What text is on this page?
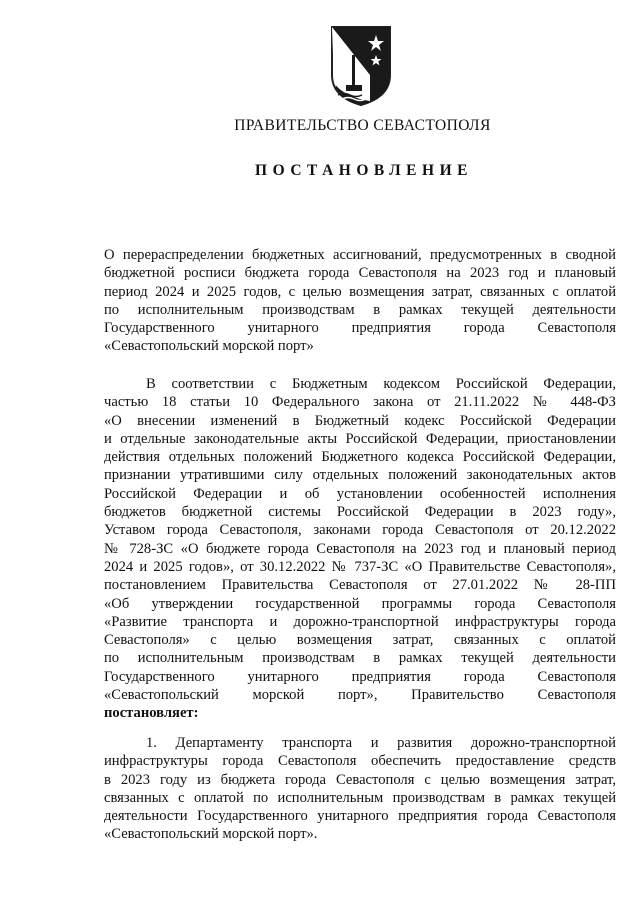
ПРАВИТЕЛЬСТВО СЕВАСТОПОЛЯ
ПОСТАНОВЛЕНИЕ
О перераспределении бюджетных ассигнований, предусмотренных в сводной
бюджетной росписи бюджета города Севастополя на 2023 год и плановый
период 2024 и 2025 годов, с целью возмещения затрат, связанных с оплатой
по исполнительным производствам в рамках текущей деятельности
Государственного унитарного предприятия города Севастополя
«Севастопольский морской порт»
В соответствии с Бюджетным кодексом Российской Федерации,
частью 18 статьи 10 Федерального закона от 21.11.2022 № 448-ФЗ
«О внесении изменений в Бюджетный кодекс Российской Федерации
и отдельные законодательные акты Российской Федерации, приостановлении
действия отдельных положений Бюджетного кодекса Российской Федерации,
признании утратившими силу отдельных положений законодательных актов
Российской Федерации и об установлении особенностей исполнения
бюджетов бюджетной системы Российской Федерации в 2023 году»,
Уставом города Севастополя, законами города Севастополя от 20.12.2022
№ 728-ЗС «О бюджете города Севастополя на 2023 год и плановый период
2024 и 2025 годов», от 30.12.2022 № 737-ЗС «О Правительстве Севастополя»,
постановлением Правительства Севастополя от 27.01.2022 № 28-ПП
«Об утверждении государственной программы города Севастополя
«Развитие транспорта и дорожно-транспортной инфраструктуры города
Севастополя» с целью возмещения затрат, связанных с оплатой
по исполнительным производствам в рамках текущей деятельности
Государственного унитарного предприятия города Севастополя
«Севастопольский морской порт», Правительство Севастополя
постановляет:
1. Департаменту транспорта и развития дорожно-транспортной
инфраструктуры города Севастополя обеспечить предоставление средств
в 2023 году из бюджета города Севастополя с целью возмещения затрат,
связанных с оплатой по исполнительным производствам в рамках текущей
деятельности Государственного унитарного предприятия города Севастополя
«Севастопольский морской порт».
